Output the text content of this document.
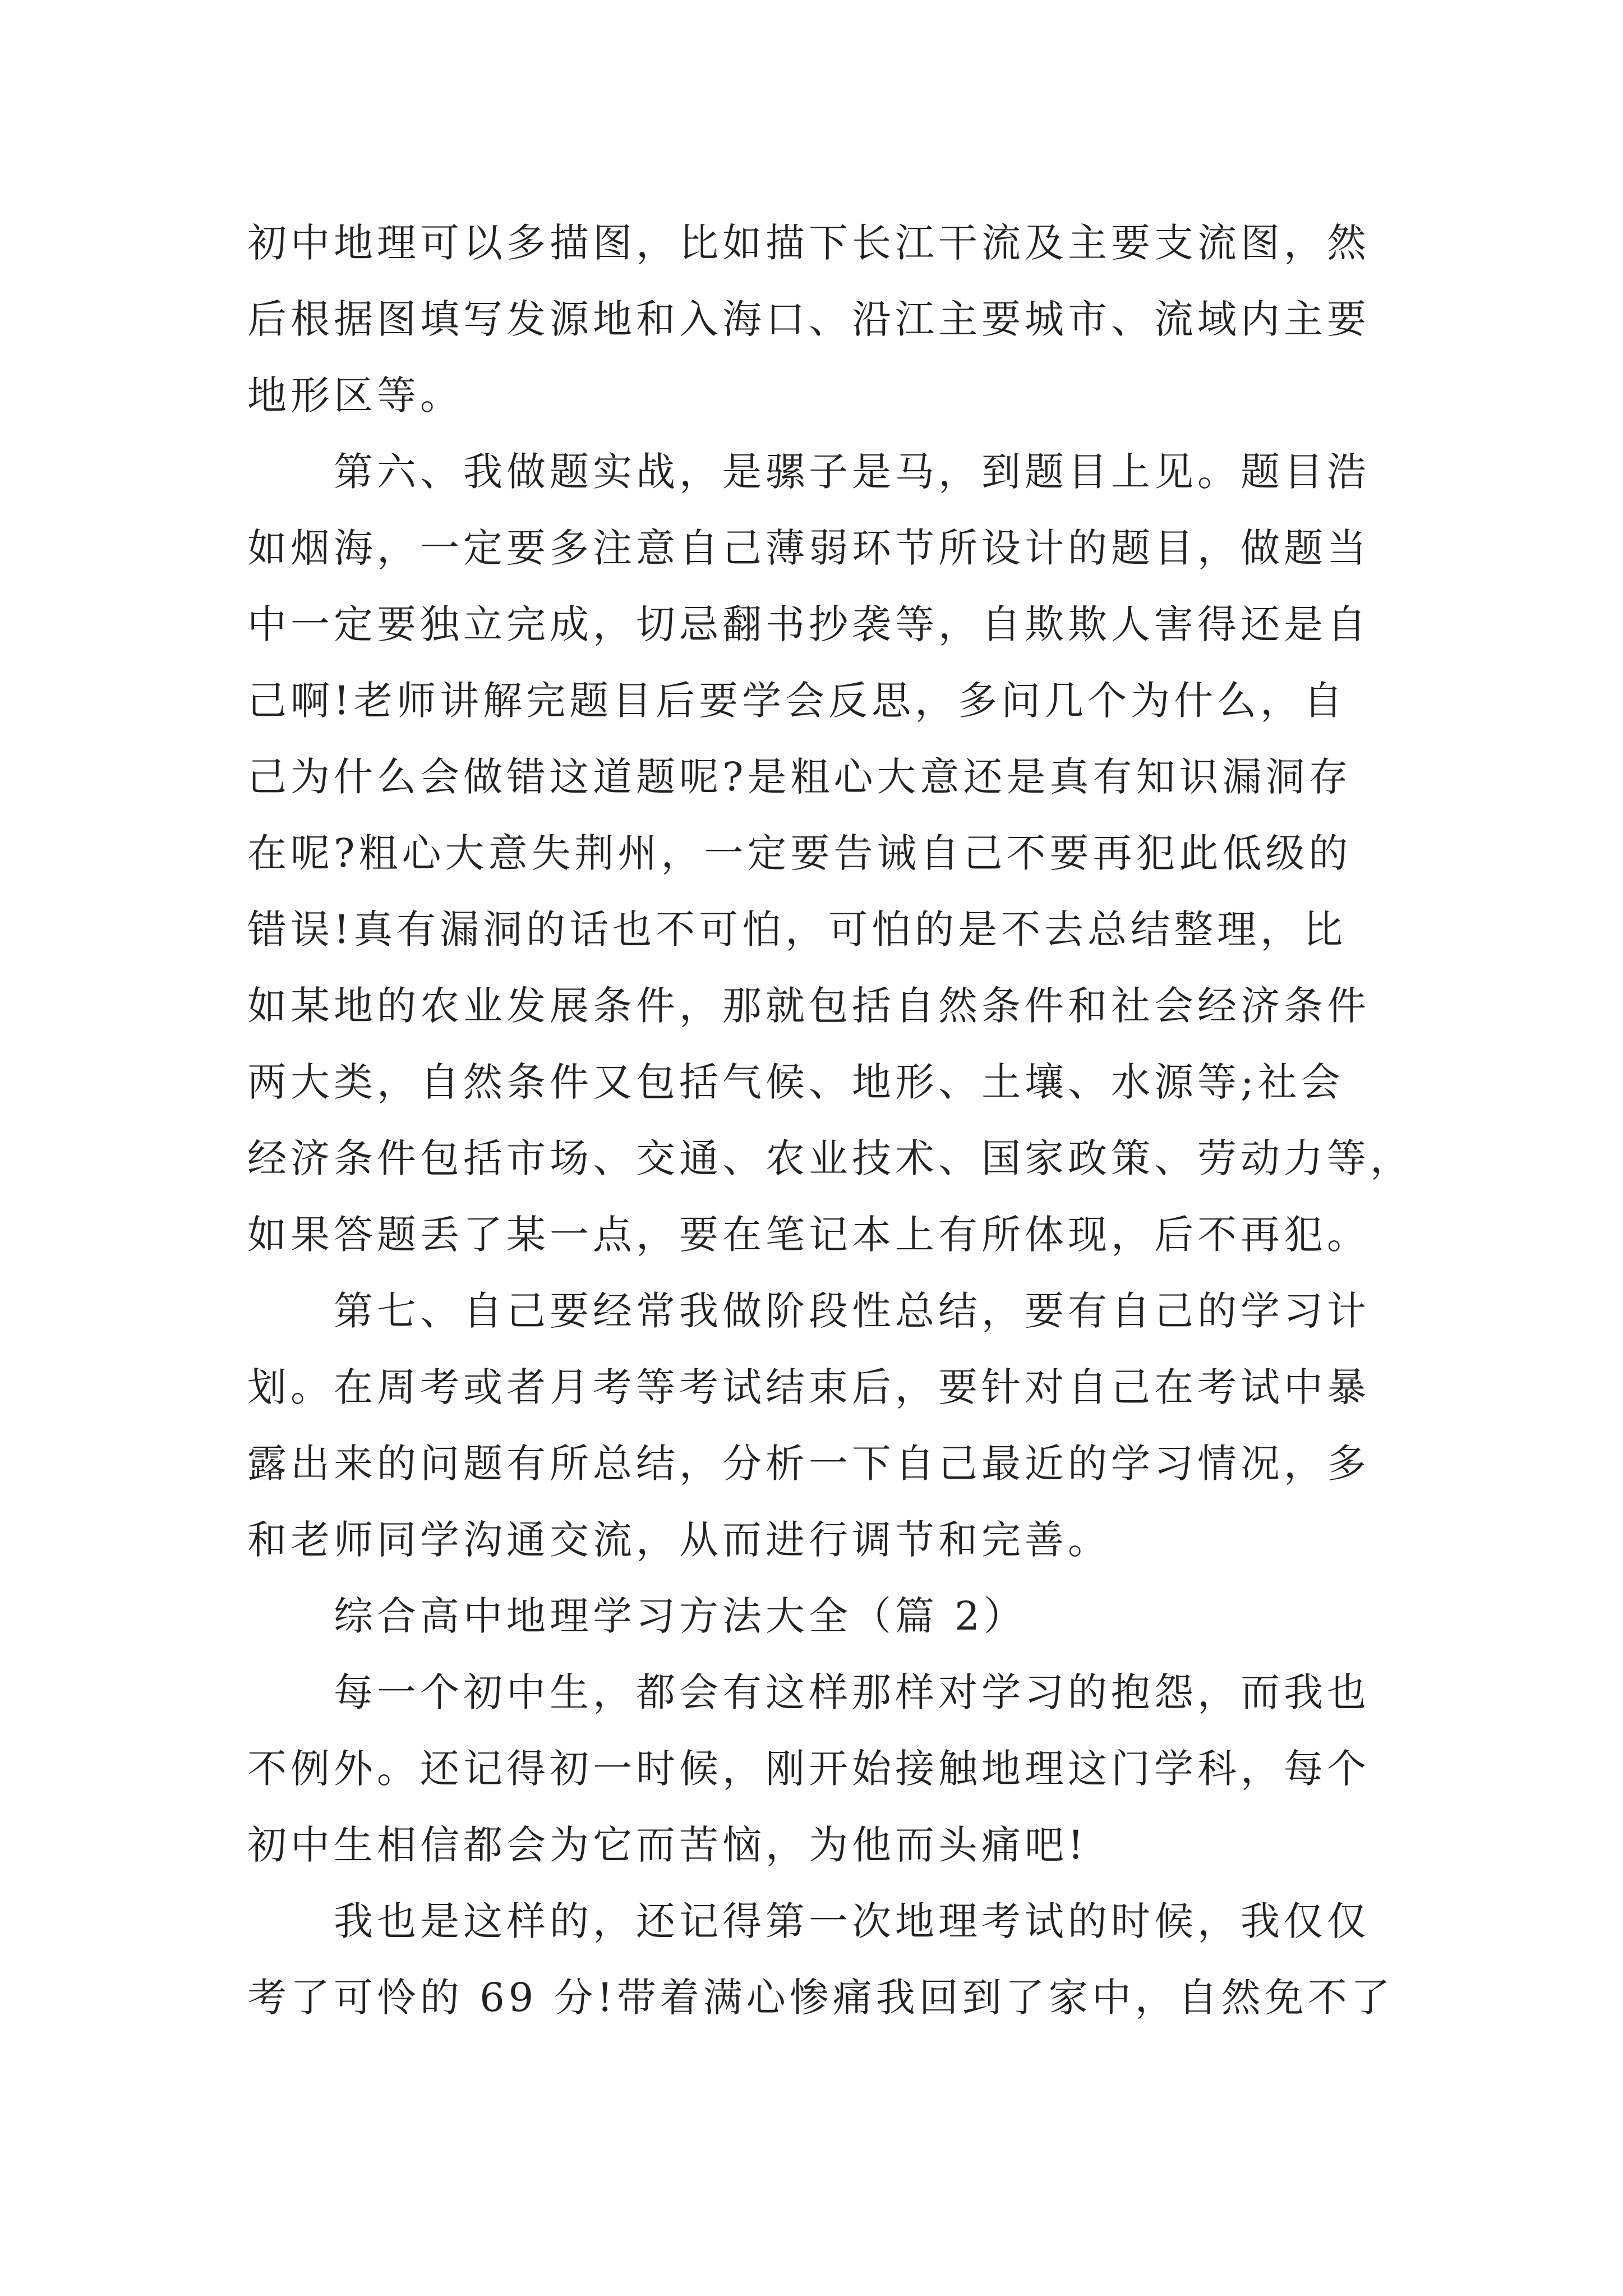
初中地理可以多描图，比如描下长江干流及主要支流图，然
后根据图填写发源地和入海口、沿江主要城市、流域内主要
地形区等。
第六、我做题实战，是骡子是马，到题目上见。题目浩
如烟海，一定要多注意自己薄弱环节所设计的题目，做题当
中一定要独立完成，切忌翻书抄袭等，自欺欺人害得还是自
己啊!老师讲解完题目后要学会反思，多问几个为什么，自
己为什么会做错这道题呢?是粗心大意还是真有知识漏洞存
在呢?粗心大意失荆州，一定要告诫自己不要再犯此低级的
错误!真有漏洞的话也不可怕，可怕的是不去总结整理，比
如某地的农业发展条件，那就包括自然条件和社会经济条件
两大类，自然条件又包括气候、地形、土壤、水源等;社会
经济条件包括市场、交通、农业技术、国家政策、劳动力等，
如果答题丢了某一点，要在笔记本上有所体现，后不再犯。
第七、自己要经常我做阶段性总结，要有自己的学习计
划。在周考或者月考等考试结束后，要针对自己在考试中暴
露出来的问题有所总结，分析一下自己最近的学习情况，多
和老师同学沟通交流，从而进行调节和完善。
综合高中地理学习方法大全（篇 2）
每一个初中生，都会有这样那样对学习的抱怨，而我也
不例外。还记得初一时候，刚开始接触地理这门学科，每个
初中生相信都会为它而苦恼，为他而头痛吧!
我也是这样的，还记得第一次地理考试的时候，我仅仅
考了可怜的 69 分!带着满心惨痛我回到了家中，自然免不了
